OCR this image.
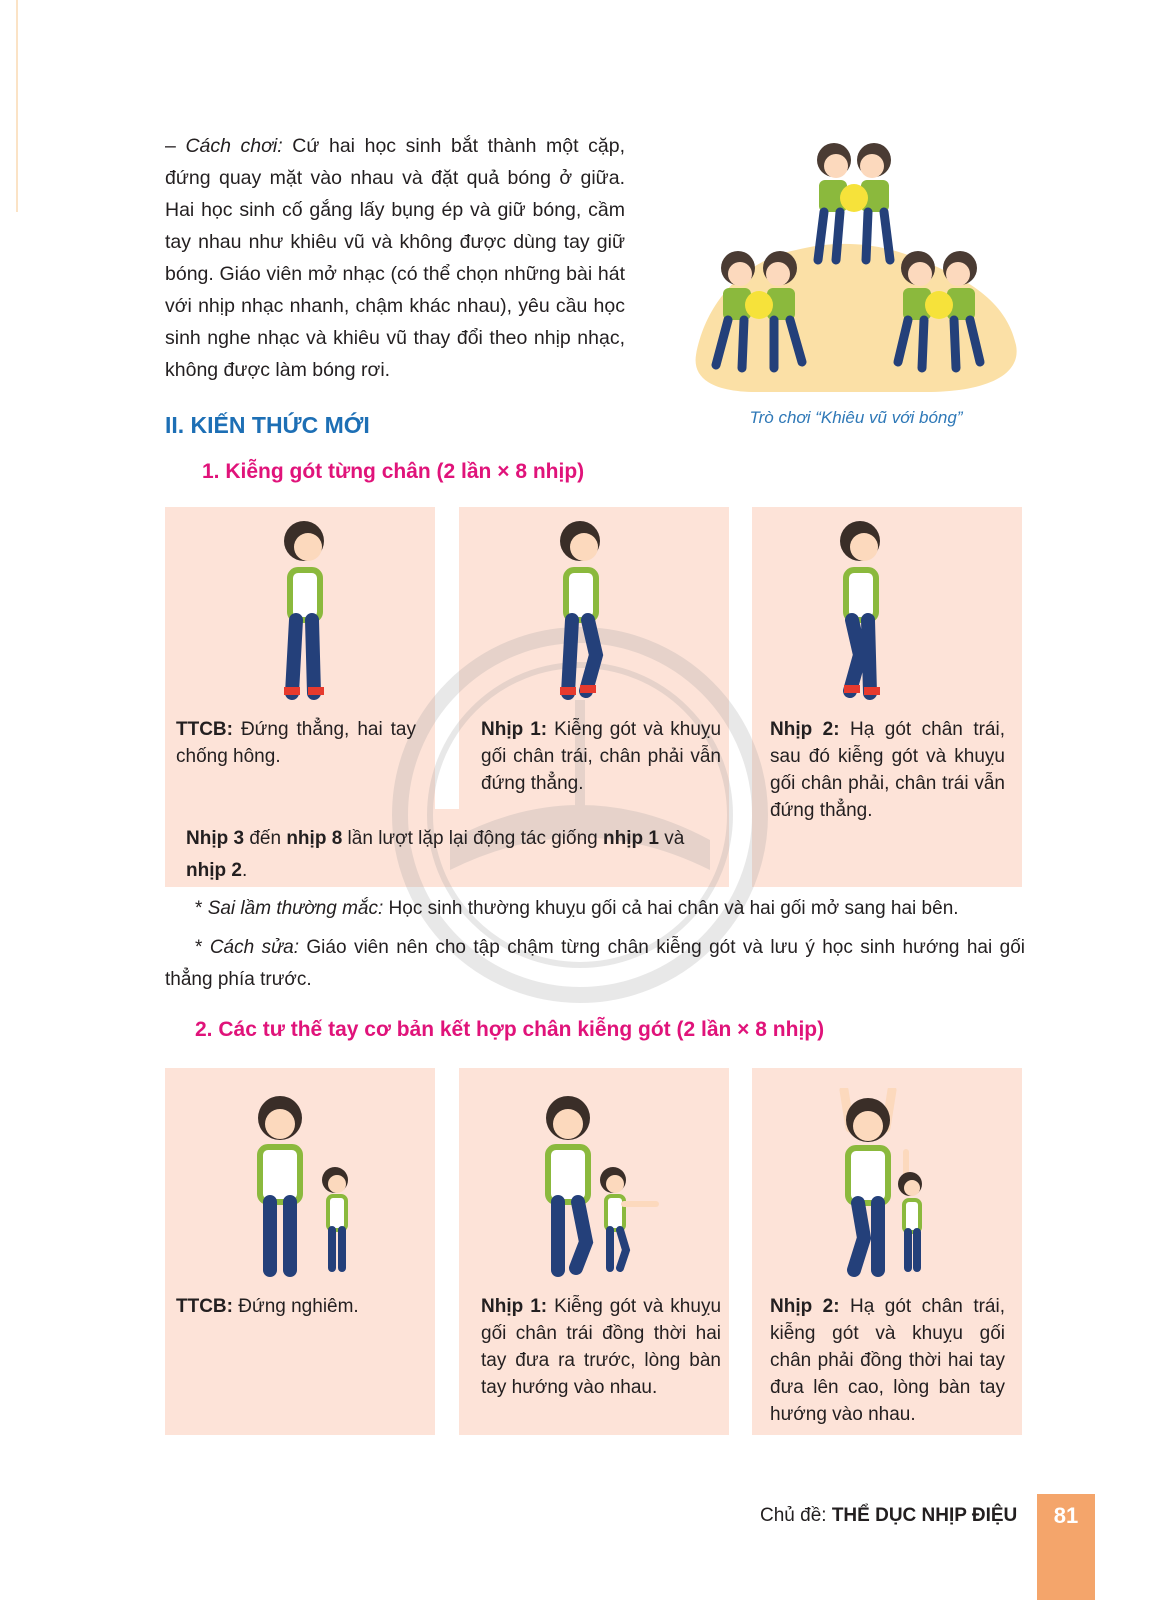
– Cách chơi: Cứ hai học sinh bắt thành một cặp, đứng quay mặt vào nhau và đặt quả bóng ở giữa. Hai học sinh cố gắng lấy bụng ép và giữ bóng, cầm tay nhau như khiêu vũ và không được dùng tay giữ bóng. Giáo viên mở nhạc (có thể chọn những bài hát với nhịp nhạc nhanh, chậm khác nhau), yêu cầu học sinh nghe nhạc và khiêu vũ thay đổi theo nhịp nhạc, không được làm bóng rơi.
Trò chơi “Khiêu vũ với bóng”
II. KIẾN THỨC MỚI
1. Kiễng gót từng chân (2 lần × 8 nhịp)
TTCB: Đứng thẳng, hai tay chống hông.
Nhịp 1: Kiễng gót và khuỵu gối chân trái, chân phải vẫn đứng thẳng.
Nhịp 2: Hạ gót chân trái, sau đó kiễng gót và khuỵu gối chân phải, chân trái vẫn đứng thẳng.
Nhịp 3 đến nhịp 8 lần lượt lặp lại động tác giống nhịp 1 và nhịp 2.
* Sai lầm thường mắc: Học sinh thường khuỵu gối cả hai chân và hai gối mở sang hai bên.
* Cách sửa: Giáo viên nên cho tập chậm từng chân kiễng gót và lưu ý học sinh hướng hai gối thẳng phía trước.
2. Các tư thế tay cơ bản kết hợp chân kiễng gót (2 lần × 8 nhịp)
TTCB: Đứng nghiêm.	Nhịp 1: Kiễng gót và khuỵu gối chân trái đồng thời hai tay đưa ra trước, lòng bàn tay hướng vào nhau.
Nhịp 2: Hạ gót chân trái, kiễng gót và khuỵu gối chân phải đồng thời hai tay đưa lên cao, lòng bàn tay hướng vào nhau.
Chủ đề: THỂ DỤC NHỊP ĐIỆU	81
